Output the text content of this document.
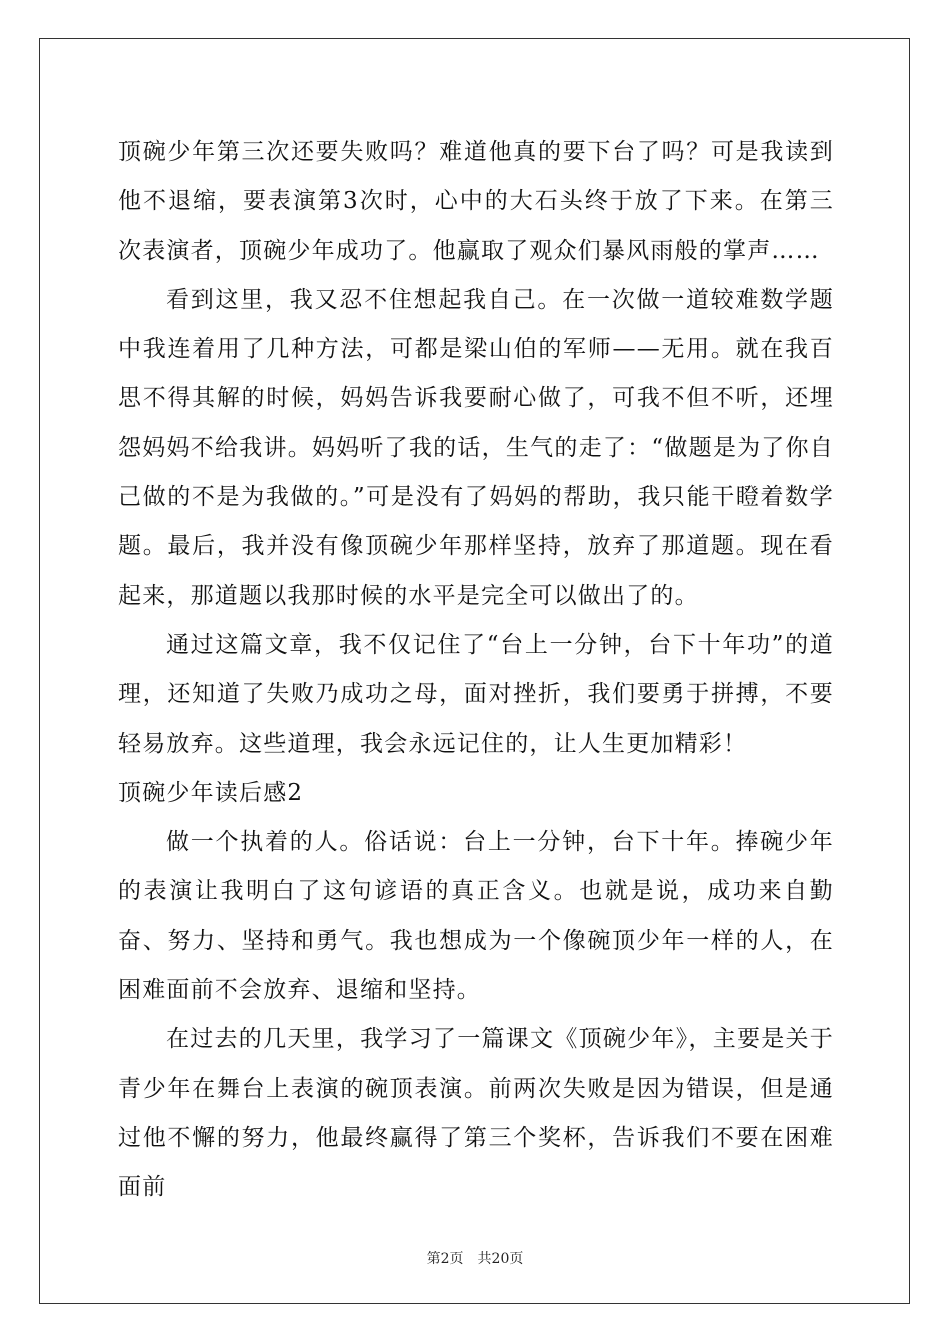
顶碗少年第三次还要失败吗？难道他真的要下台了吗？可是我读到他不退缩，要表演第3次时，心中的大石头终于放了下来。在第三次表演者，顶碗少年成功了。他赢取了观众们暴风雨般的掌声……

看到这里，我又忍不住想起我自己。在一次做一道较难数学题中我连着用了几种方法，可都是梁山伯的军师——无用。就在我百思不得其解的时候，妈妈告诉我要耐心做了，可我不但不听，还埋怨妈妈不给我讲。妈妈听了我的话，生气的走了：“做题是为了你自己做的不是为我做的。”可是没有了妈妈的帮助，我只能干瞪着数学题。最后，我并没有像顶碗少年那样坚持，放弃了那道题。现在看起来，那道题以我那时候的水平是完全可以做出了的。

通过这篇文章，我不仅记住了“台上一分钟，台下十年功”的道理，还知道了失败乃成功之母，面对挫折，我们要勇于拼搏，不要轻易放弃。这些道理，我会永远记住的，让人生更加精彩！

顶碗少年读后感2

做一个执着的人。俗话说：台上一分钟，台下十年。捧碗少年的表演让我明白了这句谚语的真正含义。也就是说，成功来自勤奋、努力、坚持和勇气。我也想成为一个像碗顶少年一样的人，在困难面前不会放弃、退缩和坚持。

在过去的几天里，我学习了一篇课文《顶碗少年》，主要是关于青少年在舞台上表演的碗顶表演。前两次失败是因为错误，但是通过他不懈的努力，他最终赢得了第三个奖杯，告诉我们不要在困难面前

第2页 共20页
